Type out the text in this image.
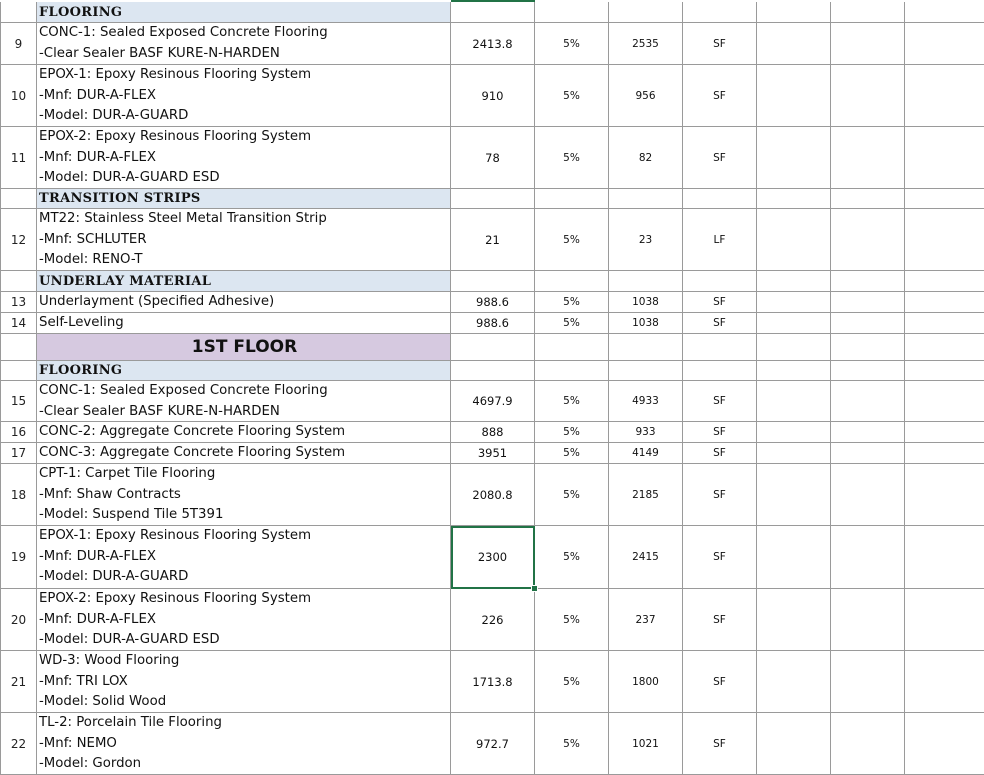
FLOORING
9
CONC-1: Sealed Exposed Concrete Flooring
-Clear Sealer BASF KURE-N-HARDEN
2413.8	5%	2535	SF
10
EPOX-1: Epoxy Resinous Flooring System
-Mnf: DUR-A-FLEX
-Model: DUR-A-GUARD
910	5%	956	SF
11
EPOX-2: Epoxy Resinous Flooring System
-Mnf: DUR-A-FLEX
-Model: DUR-A-GUARD ESD
78	5%	82	SF
TRANSITION STRIPS
12
MT22: Stainless Steel Metal Transition Strip
-Mnf: SCHLUTER
-Model: RENO-T
21	5%	23	LF
UNDERLAY MATERIAL
13 Underlayment (Specified Adhesive)	988.6	5%	1038	SF
14 Self-Leveling	988.6	5%	1038	SF
1ST FLOOR
FLOORING
15
CONC-1: Sealed Exposed Concrete Flooring
-Clear Sealer BASF KURE-N-HARDEN
4697.9	5%	4933	SF
16 CONC-2: Aggregate Concrete Flooring System	888	5%	933	SF
17 CONC-3: Aggregate Concrete Flooring System	3951	5%	4149	SF
18
CPT-1: Carpet Tile Flooring
-Mnf: Shaw Contracts
-Model: Suspend Tile 5T391
2080.8	5%	2185	SF
19
EPOX-1: Epoxy Resinous Flooring System
-Mnf: DUR-A-FLEX
-Model: DUR-A-GUARD
2300	5%	2415	SF
20
EPOX-2: Epoxy Resinous Flooring System
-Mnf: DUR-A-FLEX
-Model: DUR-A-GUARD ESD
226	5%	237	SF
21
WD-3: Wood Flooring
-Mnf: TRI LOX
-Model: Solid Wood
1713.8	5%	1800	SF
22
TL-2: Porcelain Tile Flooring
-Mnf: NEMO
-Model: Gordon
972.7	5%	1021	SF
